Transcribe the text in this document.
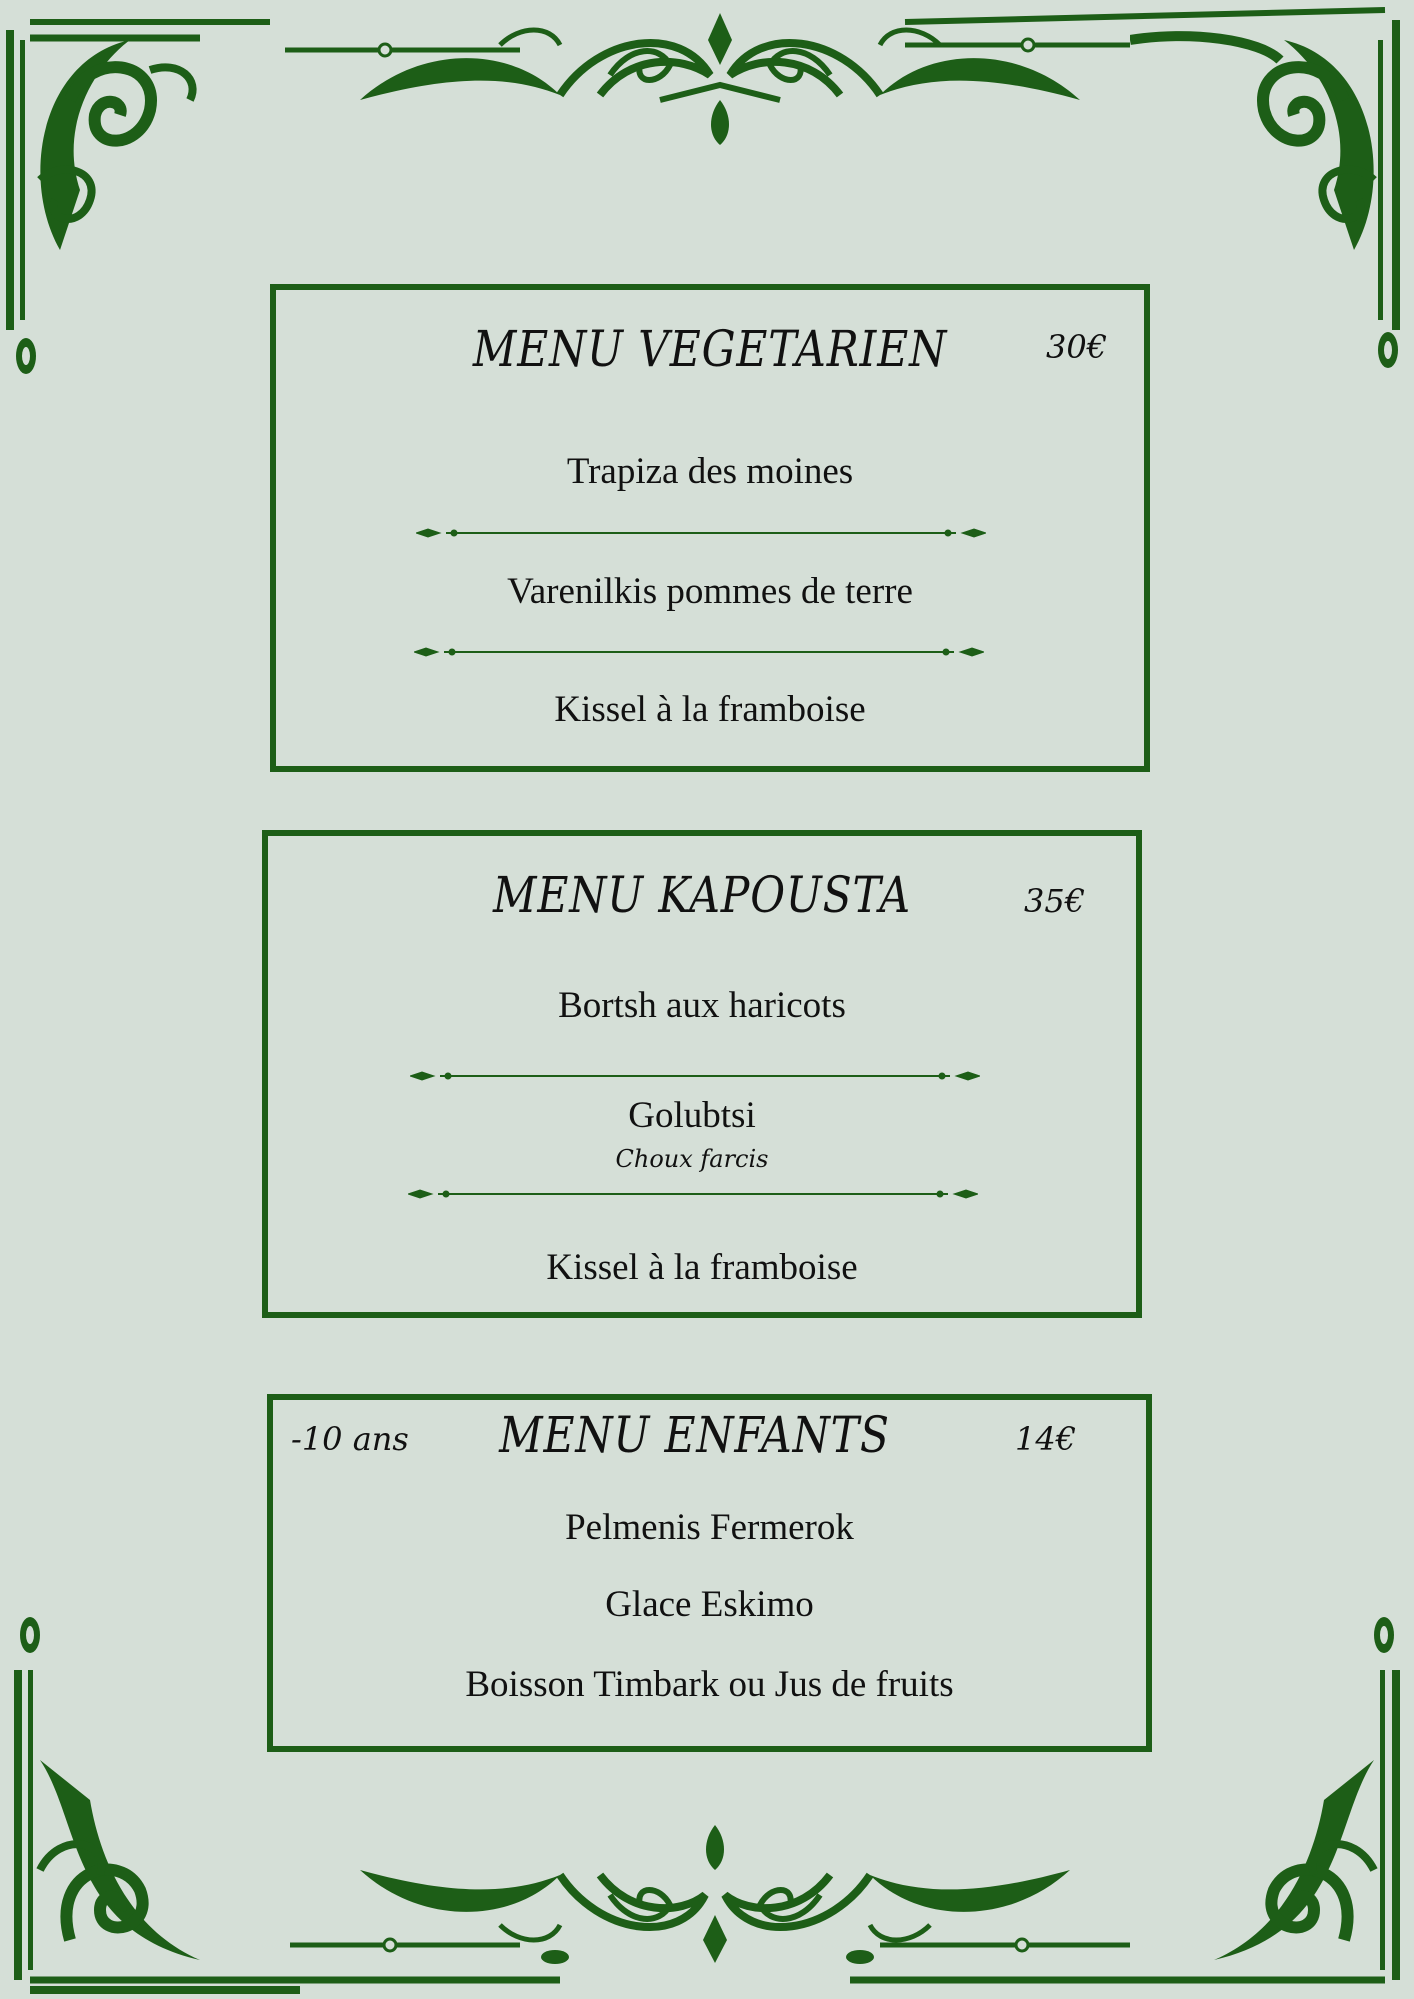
MENU VEGETARIEN	30€
Trapiza des moines
Varenilkis pommes de terre
Kissel à la framboise
MENU KAPOUSTA	35€
Bortsh aux haricots
Golubtsi
Choux farcis
Kissel à la framboise
-10 ans	MENU ENFANTS	14€
Pelmenis Fermerok
Glace Eskimo
Boisson Timbark ou Jus de fruits
